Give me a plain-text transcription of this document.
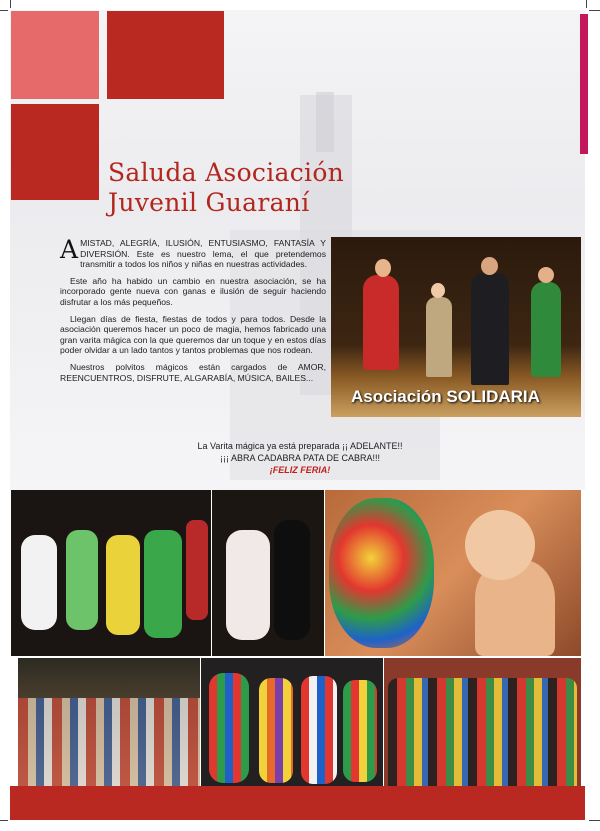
Saluda Asociación
Juvenil Guaraní

AMISTAD, ALEGRÍA, ILUSIÓN, ENTUSIASMO, FANTASÍA Y DIVERSIÓN. Este es nuestro lema, el que pretendemos transmitir a todos los niños y niñas en nuestras actividades.

Este año ha habido un cambio en nuestra asociación, se ha incorporado gente nueva con ganas e ilusión de seguir haciendo disfrutar a los más pequeños.

Llegan días de fiesta, fiestas de todos y para todos. Desde la asociación queremos hacer un poco de magia, hemos fabricado una gran varita mágica con la que queremos dar un toque y en estos días poder olvidar a un lado tantos y tantos problemas que nos rodean.

Nuestros polvitos mágicos están cargados de AMOR, REENCUENTROS, DISFRUTE, ALGARABÍA, MÚSICA, BAILES...

La Varita mágica ya está preparada ¡¡ ADELANTE!!
¡¡¡ ABRA CADABRA PATA DE CABRA!!!
¡FELIZ FERIA!
Asociación SOLIDARIA
